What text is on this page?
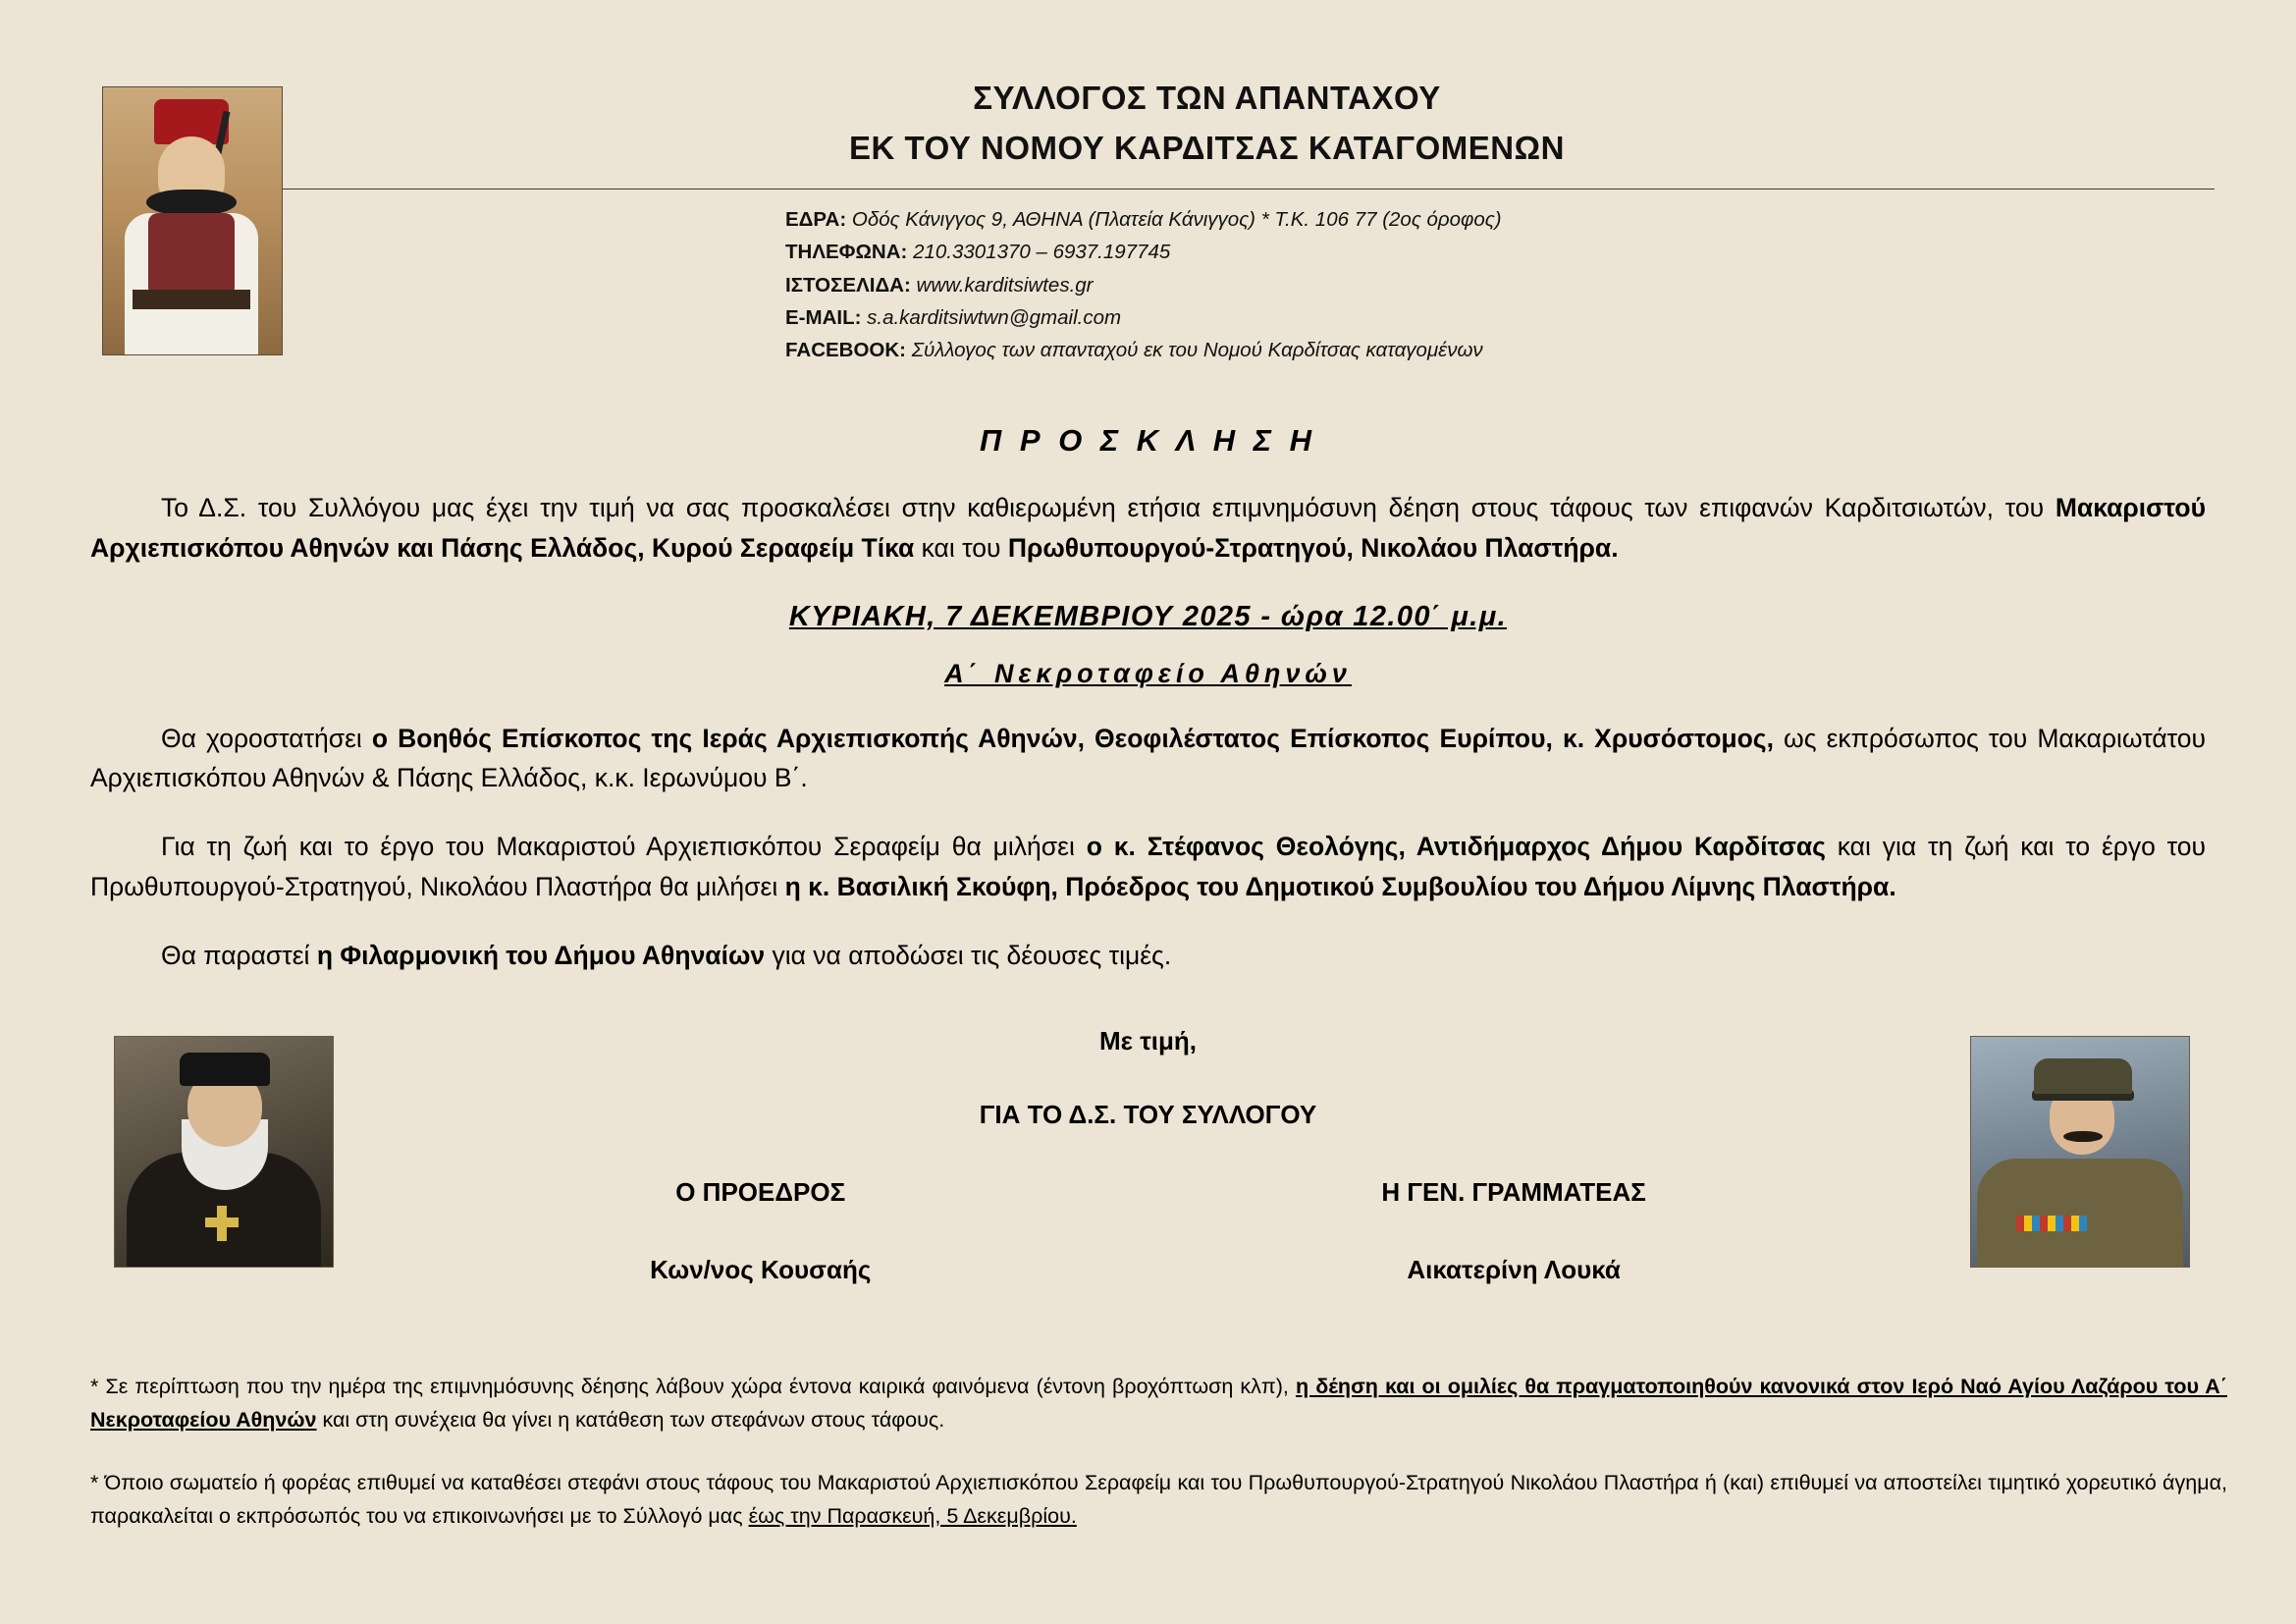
ΣΥΛΛΟΓΟΣ ΤΩΝ ΑΠΑΝΤΑΧΟΥ
ΕΚ ΤΟΥ ΝΟΜΟΥ ΚΑΡΔΙΤΣΑΣ ΚΑΤΑΓΟΜΕΝΩΝ
ΕΔΡΑ: Οδός Κάνιγγος 9, ΑΘΗΝΑ (Πλατεία Κάνιγγος) * Τ.Κ. 106 77 (2ος όροφος)
ΤΗΛΕΦΩΝΑ: 210.3301370 – 6937.197745
ΙΣΤΟΣΕΛΙΔΑ: www.karditsiwtes.gr
E-MAIL: s.a.karditsiwtwn@gmail.com
FACEBOOK: Σύλλογος των απανταχού εκ του Νομού Καρδίτσας καταγομένων
Π Ρ Ο Σ Κ Λ Η Σ Η

Το Δ.Σ. του Συλλόγου μας έχει την τιμή να σας προσκαλέσει στην καθιερωμένη ετήσια επιμνημόσυνη δέηση στους τάφους των επιφανών Καρδιτσιωτών, του Μακαριστού Αρχιεπισκόπου Αθηνών και Πάσης Ελλάδος, Κυρού Σεραφείμ Τίκα και του Πρωθυπουργού-Στρατηγού, Νικολάου Πλαστήρα.

ΚΥΡΙΑΚΗ, 7 ΔΕΚΕΜΒΡΙΟΥ 2025 - ώρα 12.00΄ μ.μ.
Α΄ Νεκροταφείο Αθηνών

Θα χοροστατήσει ο Βοηθός Επίσκοπος της Ιεράς Αρχιεπισκοπής Αθηνών, Θεοφιλέστατος Επίσκοπος Ευρίπου, κ. Χρυσόστομος, ως εκπρόσωπος του Μακαριωτάτου Αρχιεπισκόπου Αθηνών & Πάσης Ελλάδος, κ.κ. Ιερωνύμου Β΄.

Για τη ζωή και το έργο του Μακαριστού Αρχιεπισκόπου Σεραφείμ θα μιλήσει ο κ. Στέφανος Θεολόγης, Αντιδήμαρχος Δήμου Καρδίτσας και για τη ζωή και το έργο του Πρωθυπουργού-Στρατηγού, Νικολάου Πλαστήρα θα μιλήσει η κ. Βασιλική Σκούφη, Πρόεδρος του Δημοτικού Συμβουλίου του Δήμου Λίμνης Πλαστήρα.

Θα παραστεί η Φιλαρμονική του Δήμου Αθηναίων για να αποδώσει τις δέουσες τιμές.

Με τιμή,
ΓΙΑ ΤΟ Δ.Σ. ΤΟΥ ΣΥΛΛΟΓΟΥ
Ο ΠΡΟΕΔΡΟΣ
Κων/νος Κουσαής
Η ΓΕΝ. ΓΡΑΜΜΑΤΕΑΣ
Αικατερίνη Λουκά

* Σε περίπτωση που την ημέρα της επιμνημόσυνης δέησης λάβουν χώρα έντονα καιρικά φαινόμενα (έντονη βροχόπτωση κλπ), η δέηση και οι ομιλίες θα πραγματοποιηθούν κανονικά στον Ιερό Ναό Αγίου Λαζάρου του Α΄ Νεκροταφείου Αθηνών και στη συνέχεια θα γίνει η κατάθεση των στεφάνων στους τάφους.

* Όποιο σωματείο ή φορέας επιθυμεί να καταθέσει στεφάνι στους τάφους του Μακαριστού Αρχιεπισκόπου Σεραφείμ και του Πρωθυπουργού-Στρατηγού Νικολάου Πλαστήρα ή (και) επιθυμεί να αποστείλει τιμητικό χορευτικό άγημα, παρακαλείται ο εκπρόσωπός του να επικοινωνήσει με το Σύλλογό μας έως την Παρασκευή, 5 Δεκεμβρίου.
